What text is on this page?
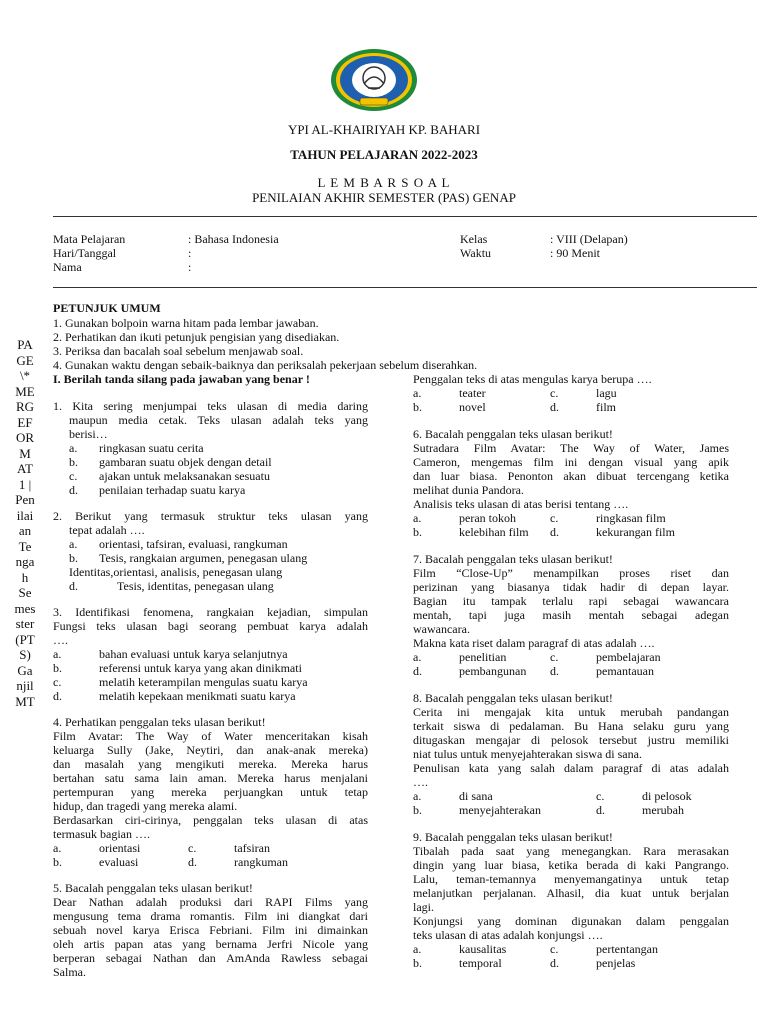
YPI AL-KHAIRIYAH KP. BAHARI
TAHUN PELAJARAN 2022-2023
L E M B A R S O A L
PENILAIAN AKHIR SEMESTER (PAS) GENAP
Mata Pelajaran	: Bahasa Indonesia
Hari/Tanggal	:
Nama	:
Kelas	: VIII (Delapan)
Waktu	: 90 Menit
PETUNJUK UMUM

1. Gunakan bolpoin warna hitam pada lembar jawaban.

2. Perhatikan dan ikuti petunjuk pengisian yang disediakan.

3. Periksa dan bacalah soal sebelum menjawab soal.

4. Gunakan waktu dengan sebaik-baiknya dan periksalah pekerjaan sebelum diserahkan.

PA
GE
\*
ME
RG
EF
OR
M
AT
1 |
Pen
ilai
an
Te
nga
h
Se
mes
ster
(PT
S)
Ga
njil
MT
I. Berilah tanda silang pada jawaban yang benar !
1. Kita sering menjumpai teks ulasan di media daring
maupun media cetak. Teks ulasan adalah teks yang
berisi…
a. ringkasan suatu cerita
b. gambaran suatu objek dengan detail
c. ajakan untuk melaksanakan sesuatu
d. penilaian terhadap suatu karya
2. Berikut yang termasuk struktur teks ulasan yang
tepat adalah ….
a. orientasi, tafsiran, evaluasi, rangkuman
b. Tesis, rangkaian argumen, penegasan ulang
Identitas,orientasi, analisis, penegasan ulang
d.	Tesis, identitas, penegasan ulang
3. Identifikasi fenomena, rangkaian kejadian, simpulan
Fungsi teks ulasan bagi seorang pembuat karya adalah
….
a.	bahan evaluasi untuk karya selanjutnya
b.	referensi untuk karya yang akan dinikmati
c.	melatih keterampilan mengulas suatu karya
d.	melatih kepekaan menikmati suatu karya
4. Perhatikan penggalan teks ulasan berikut!
Film Avatar: The Way of Water menceritakan kisah
keluarga Sully (Jake, Neytiri, dan anak-anak mereka)
dan masalah yang mengikuti mereka. Mereka harus
bertahan satu sama lain aman. Mereka harus menjalani
pertempuran yang mereka perjuangkan untuk tetap
hidup, dan tragedi yang mereka alami.
Berdasarkan ciri-cirinya, penggalan teks ulasan di atas
termasuk bagian ….
a.	orientasi	c.	tafsiran
b.	evaluasi	d.	rangkuman
5. Bacalah penggalan teks ulasan berikut!
Dear Nathan adalah produksi dari RAPI Films yang
mengusung tema drama romantis. Film ini diangkat dari
sebuah novel karya Erisca Febriani. Film ini dimainkan
oleh artis papan atas yang bernama Jerfri Nicole yang
berperan sebagai Nathan dan AmAnda Rawless sebagai
Salma.
Penggalan teks di atas mengulas karya berupa ….
a.	teater	c.	lagu
b.	novel	d.	film
6. Bacalah penggalan teks ulasan berikut!
Sutradara Film Avatar: The Way of Water, James
Cameron, mengemas film ini dengan visual yang apik
dan luar biasa. Penonton akan dibuat tercengang ketika
melihat dunia Pandora.
Analisis teks ulasan di atas berisi tentang ….
a.	peran tokoh	c.	ringkasan film
b.	kelebihan film d.	kekurangan film
7. Bacalah penggalan teks ulasan berikut!
Film “Close-Up” menampilkan proses riset dan
perizinan yang biasanya tidak hadir di depan layar.
Bagian itu tampak terlalu rapi sebagai wawancara
mentah, tapi juga masih mentah sebagai adegan
wawancara.
Makna kata riset dalam paragraf di atas adalah ….
a.	penelitian	c.	pembelajaran
d.	pembangunan d.	pemantauan
8. Bacalah penggalan teks ulasan berikut!
Cerita ini mengajak kita untuk merubah pandangan
terkait siswa di pedalaman. Bu Hana selaku guru yang
ditugaskan mengajar di pelosok tersebut justru memiliki
niat tulus untuk menyejahterakan siswa di sana.
Penulisan kata yang salah dalam paragraf di atas adalah
….
a.	di sana	c.	di pelosok
b.	menyejahterakan	d.	merubah
9. Bacalah penggalan teks ulasan berikut!
Tibalah pada saat yang menegangkan. Rara merasakan
dingin yang luar biasa, ketika berada di kaki Pangrango.
Lalu, teman-temannya menyemangatinya untuk tetap
melanjutkan perjalanan. Alhasil, dia kuat untuk berjalan
lagi.
Konjungsi yang dominan digunakan dalam penggalan
teks ulasan di atas adalah konjungsi ….
a.	kausalitas	c.	pertentangan
b.	temporal	d.	penjelas
